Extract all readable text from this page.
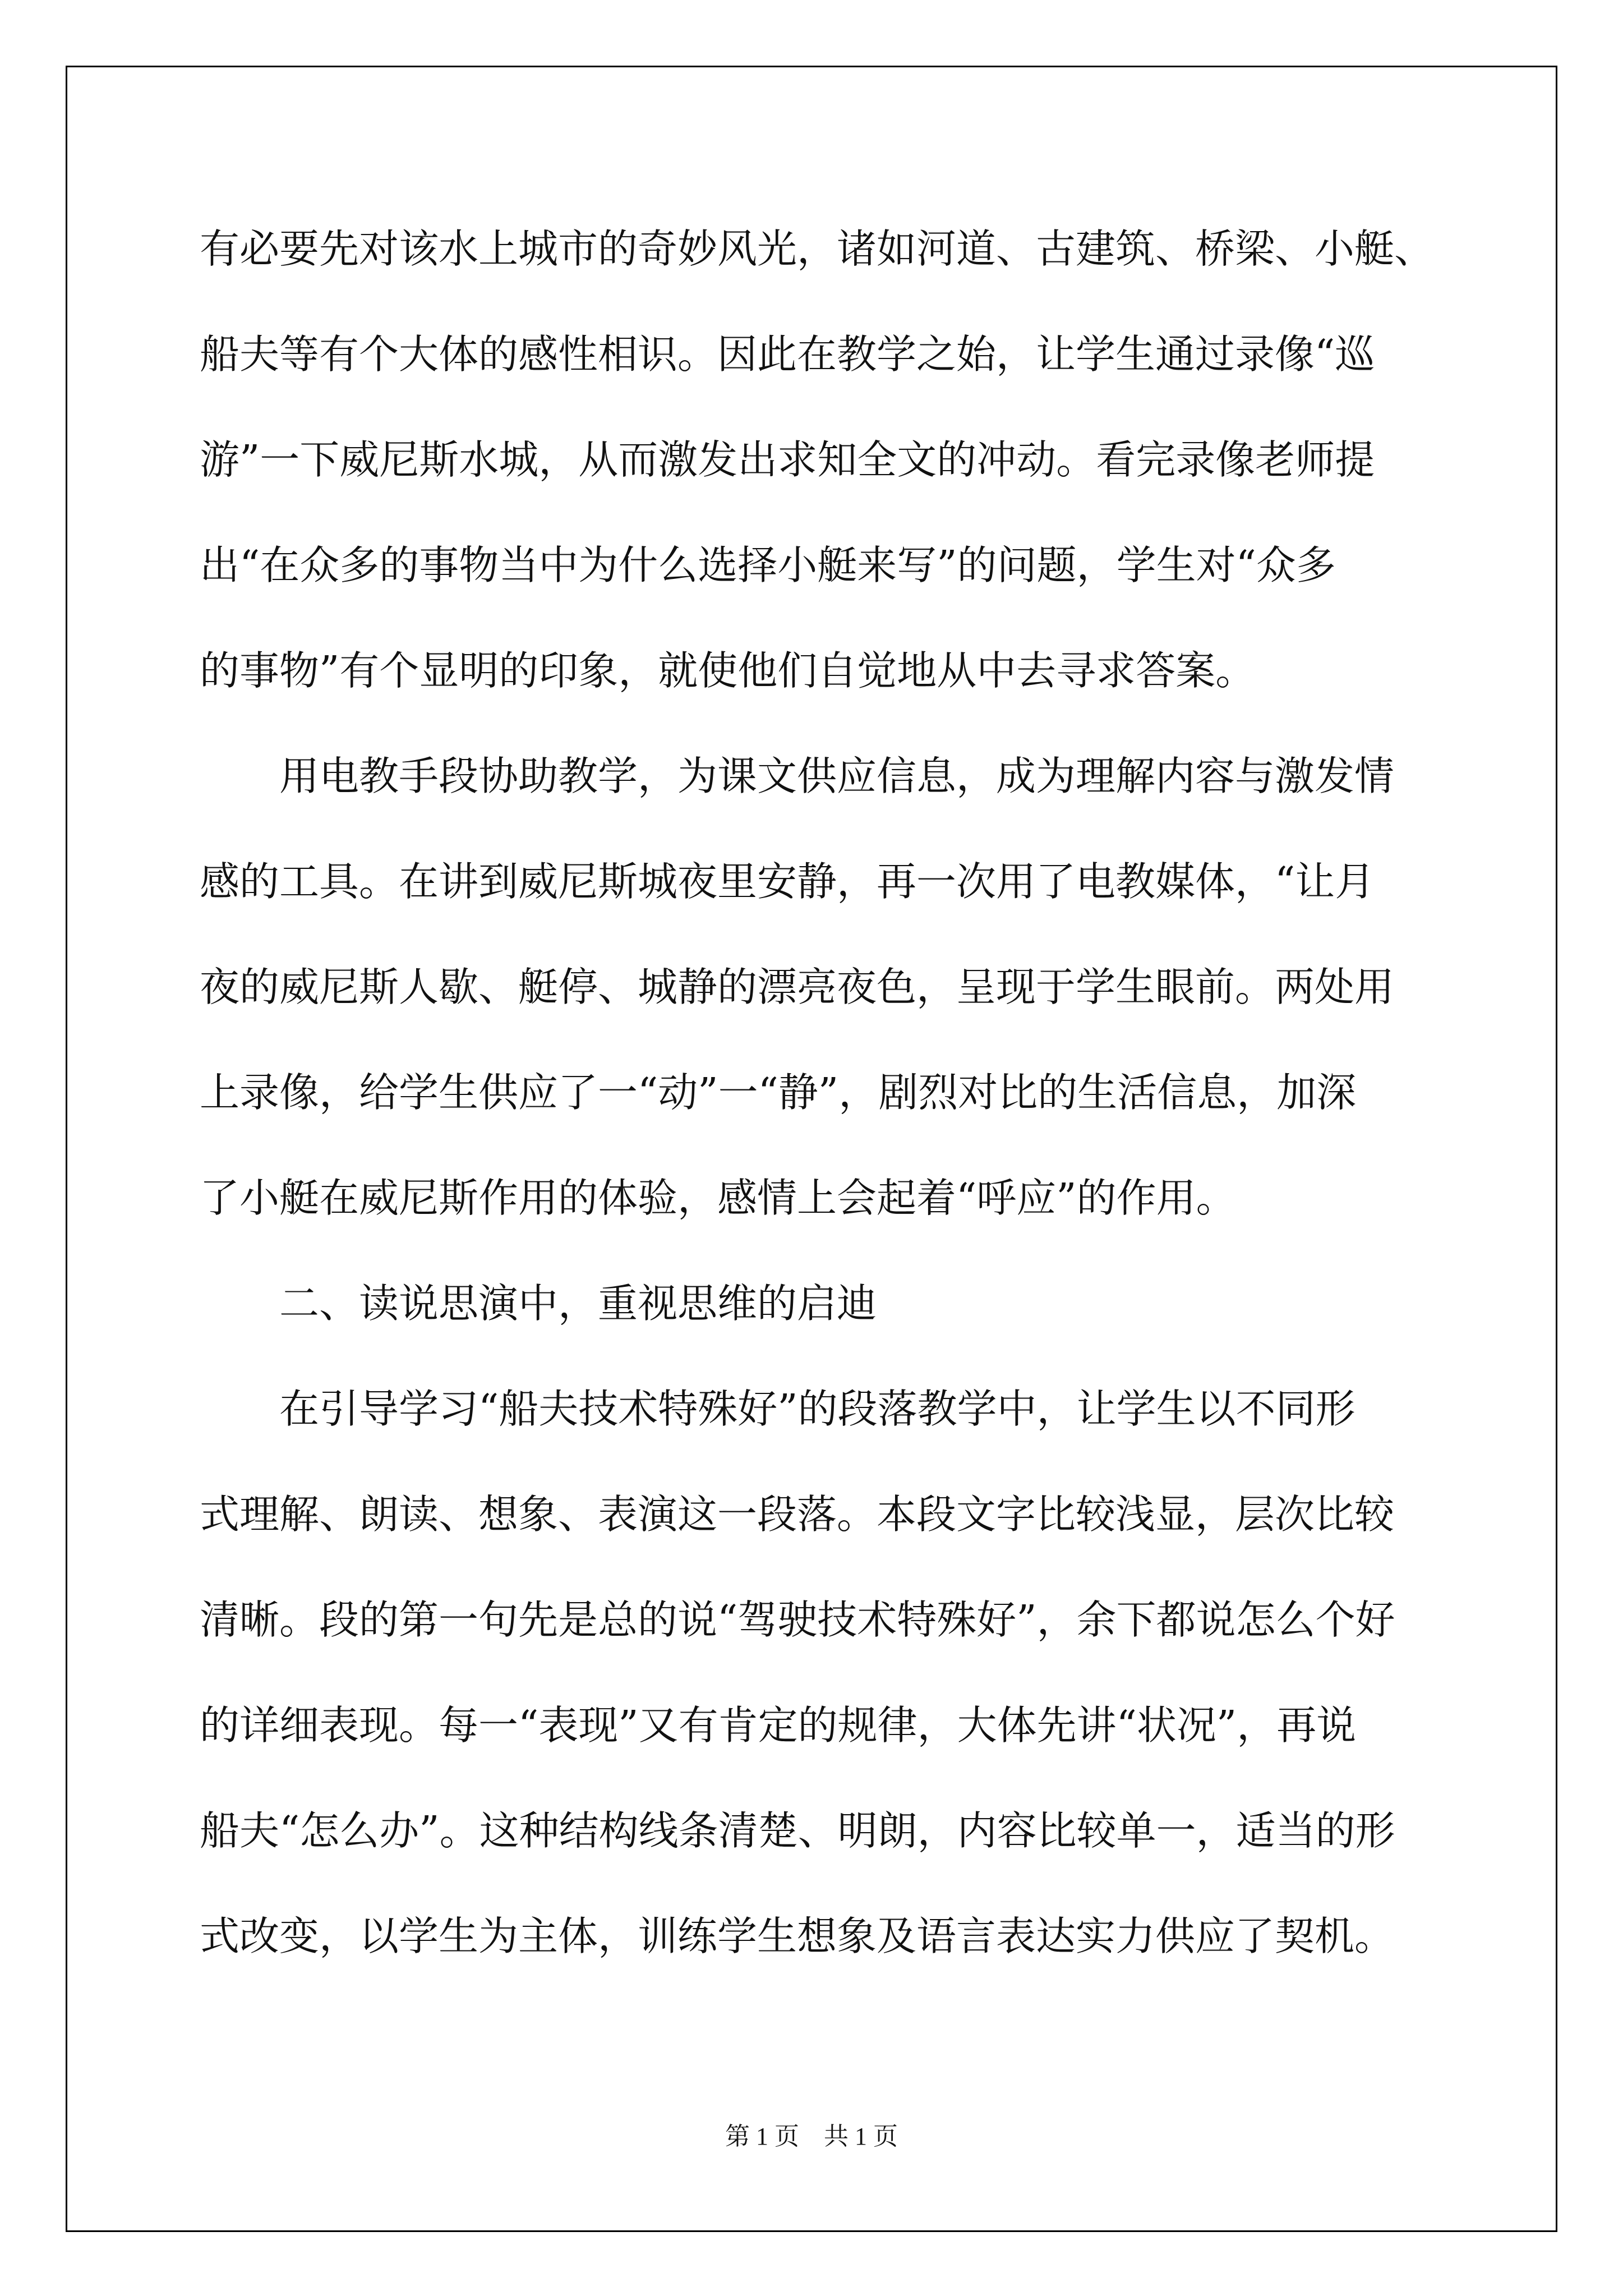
有必要先对该水上城市的奇妙风光，诸如河道、古建筑、桥梁、小艇、

船夫等有个大体的感性相识。因此在教学之始，让学生通过录像“巡

游”一下威尼斯水城，从而激发出求知全文的冲动。看完录像老师提

出“在众多的事物当中为什么选择小艇来写”的问题，学生对“众多

的事物”有个显明的印象，就使他们自觉地从中去寻求答案。

用电教手段协助教学，为课文供应信息，成为理解内容与激发情

感的工具。在讲到威尼斯城夜里安静，再一次用了电教媒体，“让月

夜的威尼斯人歇、艇停、城静的漂亮夜色，呈现于学生眼前。两处用

上录像，给学生供应了一“动”一“静”，剧烈对比的生活信息，加深

了小艇在威尼斯作用的体验，感情上会起着“呼应”的作用。

二、读说思演中，重视思维的启迪

在引导学习“船夫技术特殊好”的段落教学中，让学生以不同形

式理解、朗读、想象、表演这一段落。本段文字比较浅显，层次比较

清晰。段的第一句先是总的说“驾驶技术特殊好”，余下都说怎么个好

的详细表现。每一“表现”又有肯定的规律，大体先讲“状况”，再说

船夫“怎么办”。这种结构线条清楚、明朗，内容比较单一，适当的形

式改变，以学生为主体，训练学生想象及语言表达实力供应了契机。

第 1 页    共 1 页
